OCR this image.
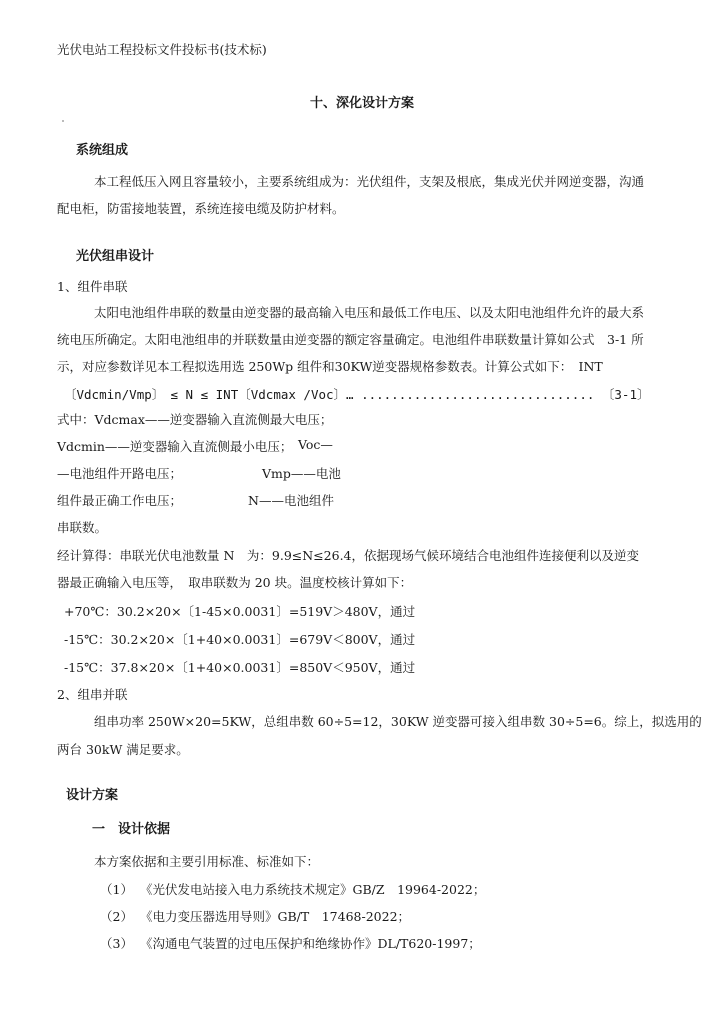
光伏电站工程投标文件投标书(技术标)
十、深化设计方案
系统组成
本工程低压入网且容量较小，主要系统组成为：光伏组件，支架及根底，集成光伏并网逆变器，沟通
配电柜，防雷接地装置，系统连接电缆及防护材料。
光伏组串设计
1、组件串联
太阳电池组件串联的数量由逆变器的最高输入电压和最低工作电压、以及太阳电池组件允许的最大系
统电压所确定。太阳电池组串的并联数量由逆变器的额定容量确定。电池组件串联数量计算如公式　3-1 所
示，对应参数详见本工程拟选用选 250Wp 组件和30KW逆变器规格参数表。计算公式如下：　INT
〔Vdcmin/Vmp〕　≤ N ≤ INT〔Vdcmax /Voc〕… ............................... 〔3-1〕
式中：Vdcmax——逆变器输入直流侧最大电压；
Vdcmin——逆变器输入直流侧最小电压； Voc—
—电池组件开路电压；	Vmp——电池
组件最正确工作电压；	N——电池组件
串联数。
经计算得：串联光伏电池数量 N　为：9.9≤N≤26.4，依据现场气候环境结合电池组件连接便利以及逆变
器最正确输入电压等，　取串联数为 20 块。温度校核计算如下：
+70℃：30.2×20×〔1-45×0.0031〕=519V＞480V，通过
-15℃：30.2×20×〔1+40×0.0031〕=679V＜800V，通过
-15℃：37.8×20×〔1+40×0.0031〕=850V＜950V，通过
2、组串并联
组串功率 250W×20=5KW，总组串数 60÷5=12，30KW 逆变器可接入组串数 30÷5=6。综上，拟选用的
两台 30kW 满足要求。
设计方案
一　设计依据
本方案依据和主要引用标准、标准如下：
（1） 《光伏发电站接入电力系统技术规定》GB/Z　19964-2022；
（2） 《电力变压器选用导则》GB/T　17468-2022；
（3） 《沟通电气装置的过电压保护和绝缘协作》DL/T620-1997；
